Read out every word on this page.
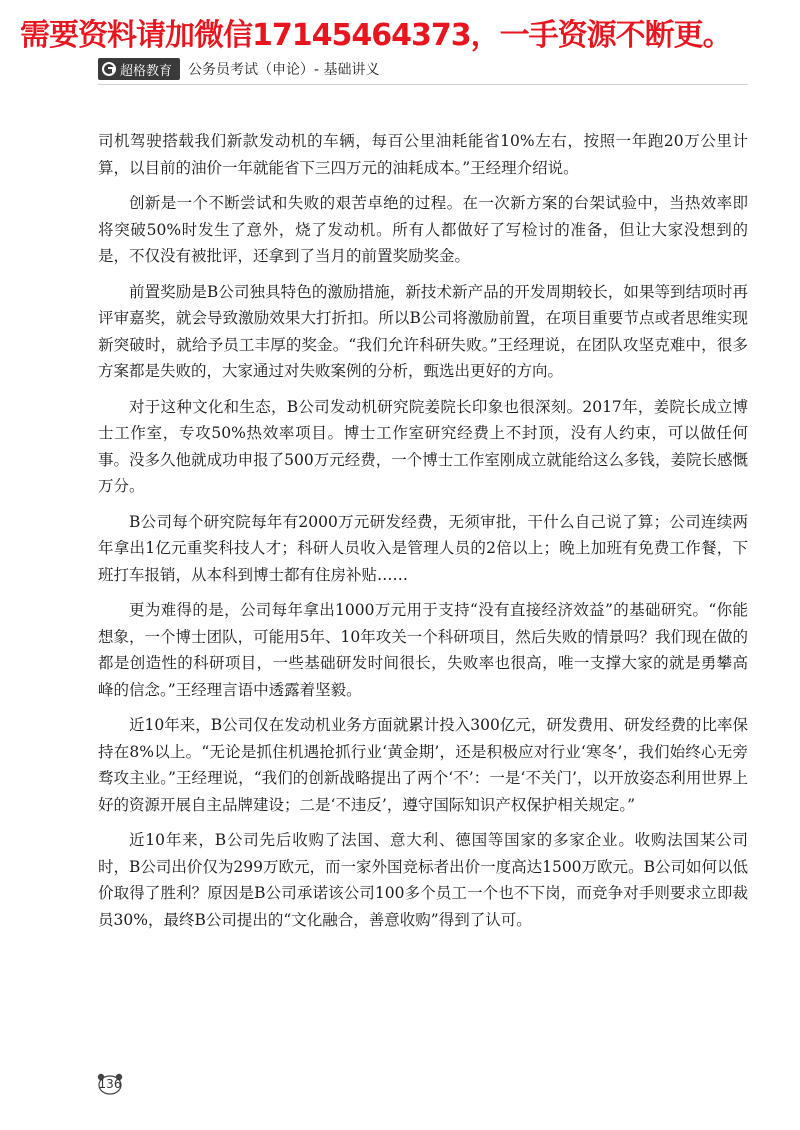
需要资料请加微信17145464373，一手资源不断更。
超格教育 公务员考试（申论）- 基础讲义

司机驾驶搭载我们新款发动机的车辆，每百公里油耗能省10%左右，按照一年跑20万公里计算，以目前的油价一年就能省下三四万元的油耗成本。”王经理介绍说。

创新是一个不断尝试和失败的艰苦卓绝的过程。在一次新方案的台架试验中，当热效率即将突破50%时发生了意外，烧了发动机。所有人都做好了写检讨的准备，但让大家没想到的是，不仅没有被批评，还拿到了当月的前置奖励奖金。

前置奖励是B公司独具特色的激励措施，新技术新产品的开发周期较长，如果等到结项时再评审嘉奖，就会导致激励效果大打折扣。所以B公司将激励前置，在项目重要节点或者思维实现新突破时，就给予员工丰厚的奖金。“我们允许科研失败。”王经理说，在团队攻坚克难中，很多方案都是失败的，大家通过对失败案例的分析，甄选出更好的方向。

对于这种文化和生态，B公司发动机研究院姜院长印象也很深刻。2017年，姜院长成立博士工作室，专攻50%热效率项目。博士工作室研究经费上不封顶，没有人约束，可以做任何事。没多久他就成功申报了500万元经费，一个博士工作室刚成立就能给这么多钱，姜院长感慨万分。

B公司每个研究院每年有2000万元研发经费，无须审批，干什么自己说了算；公司连续两年拿出1亿元重奖科技人才；科研人员收入是管理人员的2倍以上；晚上加班有免费工作餐，下班打车报销，从本科到博士都有住房补贴……

更为难得的是，公司每年拿出1000万元用于支持“没有直接经济效益”的基础研究。“你能想象，一个博士团队，可能用5年、10年攻关一个科研项目，然后失败的情景吗？我们现在做的都是创造性的科研项目，一些基础研发时间很长，失败率也很高，唯一支撑大家的就是勇攀高峰的信念。”王经理言语中透露着坚毅。

近10年来，B公司仅在发动机业务方面就累计投入300亿元，研发费用、研发经费的比率保持在8%以上。“无论是抓住机遇抢抓行业‘黄金期’，还是积极应对行业‘寒冬’，我们始终心无旁骛攻主业。”王经理说，“我们的创新战略提出了两个‘不’：一是‘不关门’，以开放姿态利用世界上好的资源开展自主品牌建设；二是‘不违反’，遵守国际知识产权保护相关规定。”

近10年来，B公司先后收购了法国、意大利、德国等国家的多家企业。收购法国某公司时，B公司出价仅为299万欧元，而一家外国竞标者出价一度高达1500万欧元。B公司如何以低价取得了胜利？原因是B公司承诺该公司100多个员工一个也不下岗，而竞争对手则要求立即裁员30%，最终B公司提出的“文化融合，善意收购”得到了认可。

136
